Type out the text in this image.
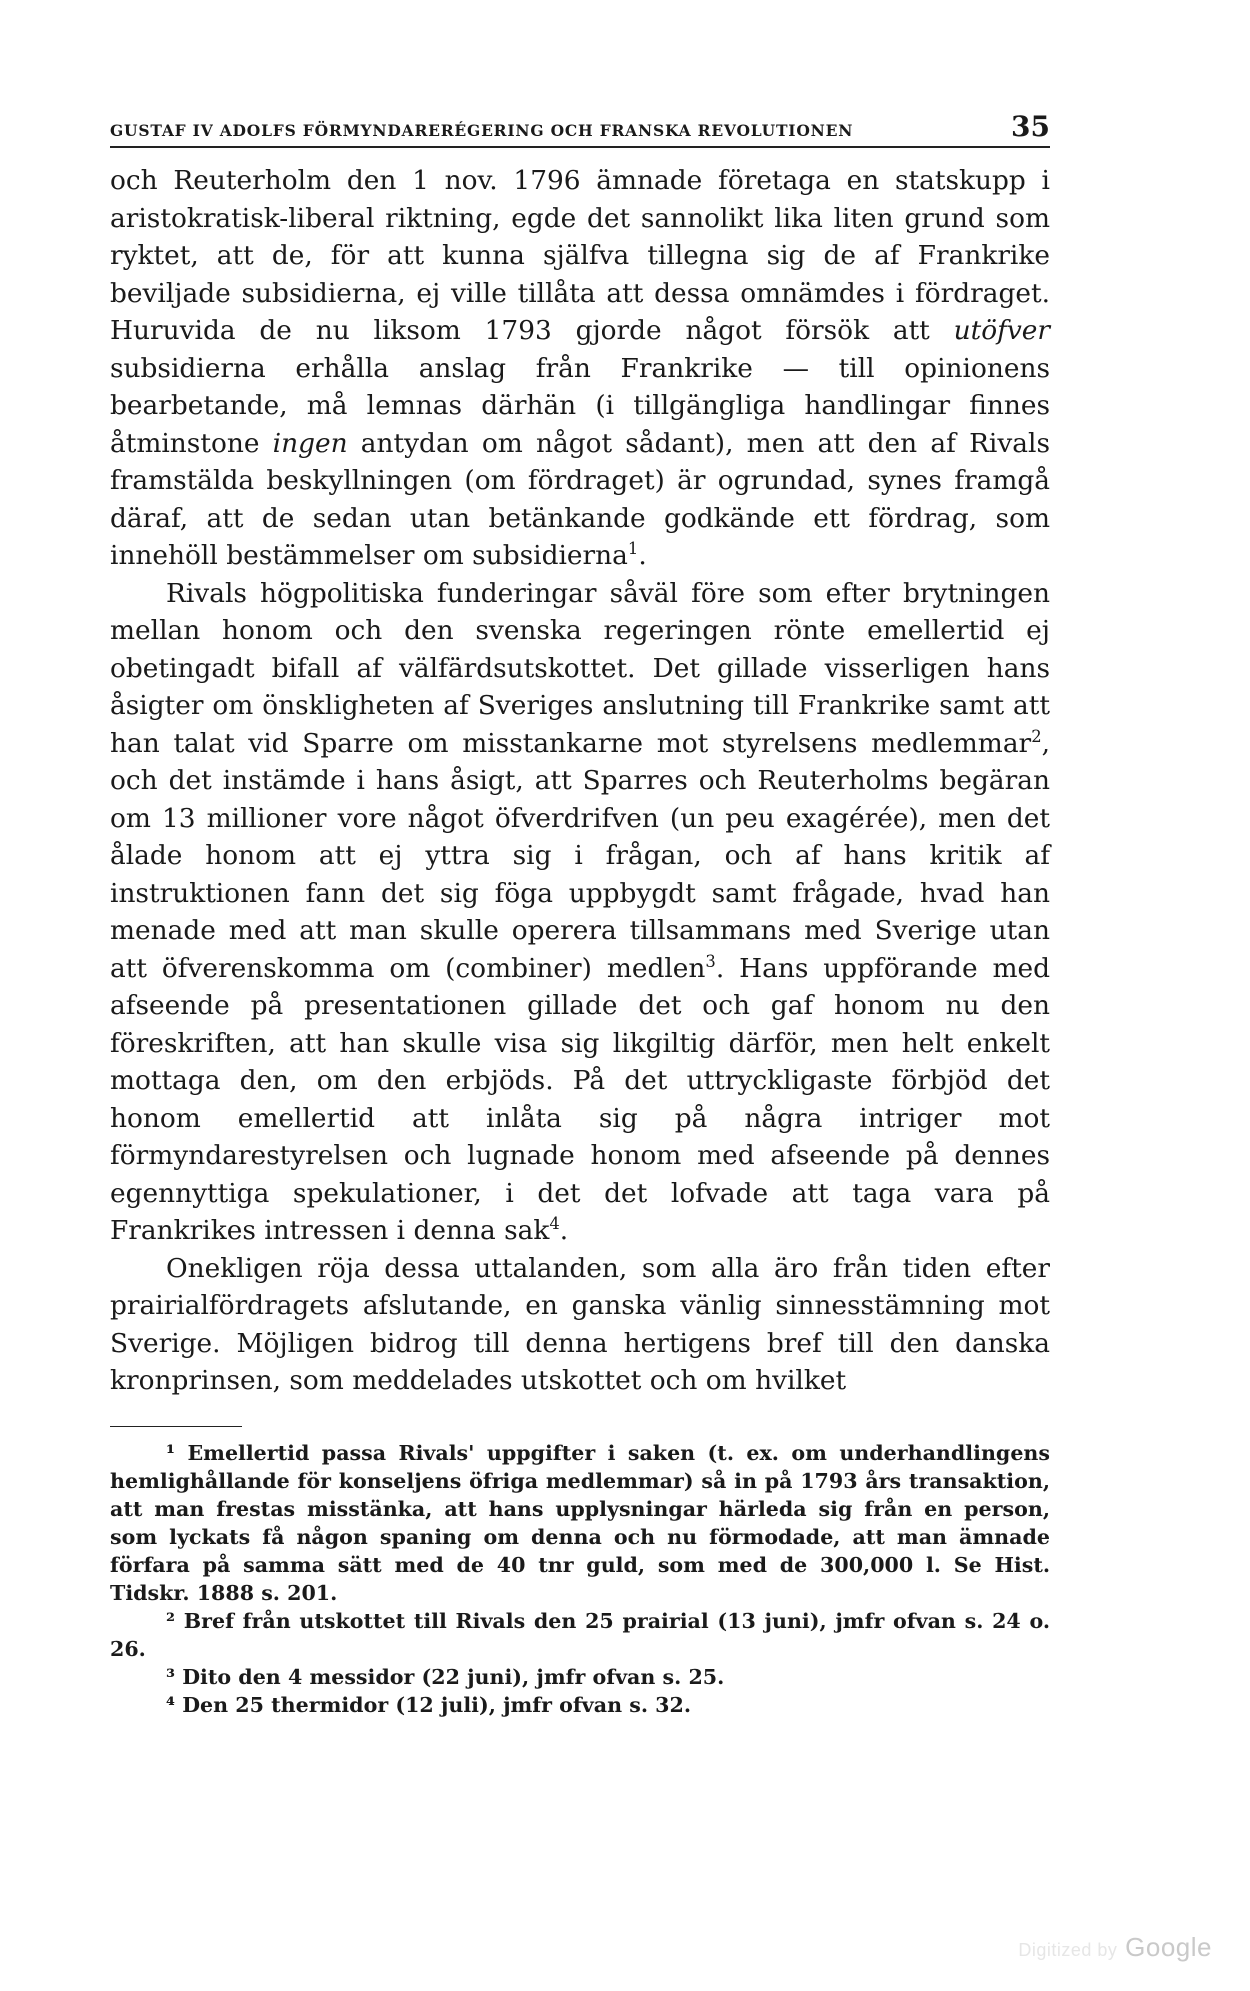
GUSTAF IV ADOLFS FÖRMYNDARERÉGERING OCH FRANSKA REVOLUTIONEN	35

och Reuterholm den 1 nov. 1796 ämnade företaga en statskupp i aristokratisk-liberal riktning, egde det sannolikt lika liten grund som ryktet, att de, för att kunna själfva tillegna sig de af Frankrike beviljade subsidierna, ej ville tillåta att dessa omnämdes i fördraget. Huruvida de nu liksom 1793 gjorde något försök att utöfver subsidierna erhålla anslag från Frankrike — till opinionens bearbetande, må lemnas därhän (i tillgängliga handlingar finnes åtminstone ingen antydan om något sådant), men att den af Rivals framstälda beskyllningen (om fördraget) är ogrundad, synes framgå däraf, att de sedan utan betänkande godkände ett fördrag, som innehöll bestämmelser om subsidierna$^1$.

Rivals högpolitiska funderingar såväl före som efter brytningen mellan honom och den svenska regeringen rönte emellertid ej obetingadt bifall af välfärdsutskottet. Det gillade visserligen hans åsigter om önskligheten af Sveriges anslutning till Frankrike samt att han talat vid Sparre om misstankarne mot styrelsens medlemmar$^2$, och det instämde i hans åsigt, att Sparres och Reuterholms begäran om 13 millioner vore något öfverdrifven (un peu exagérée), men det ålade honom att ej yttra sig i frågan, och af hans kritik af instruktionen fann det sig föga uppbygdt samt frågade, hvad han menade med att man skulle operera tillsammans med Sverige utan att öfverenskomma om (combiner) medlen$^3$. Hans uppförande med afseende på presentationen gillade det och gaf honom nu den föreskriften, att han skulle visa sig likgiltig därför, men helt enkelt mottaga den, om den erbjöds. På det uttryckligaste förbjöd det honom emellertid att inlåta sig på några intriger mot förmyndarestyrelsen och lugnade honom med afseende på dennes egennyttiga spekulationer, i det det lofvade att taga vara på Frankrikes intressen i denna sak$^4$.

Onekligen röja dessa uttalanden, som alla äro från tiden efter prairialfördragets afslutande, en ganska vänlig sinnesstämning mot Sverige. Möjligen bidrog till denna hertigens bref till den danska kronprinsen, som meddelades utskottet och om hvilket

¹ Emellertid passa Rivals' uppgifter i saken (t. ex. om underhandlingens hemlighållande för konseljens öfriga medlemmar) så in på 1793 års transaktion, att man frestas misstänka, att hans upplysningar härleda sig från en person, som lyckats få någon spaning om denna och nu förmodade, att man ämnade förfara på samma sätt med de 40 tnr guld, som med de 300,000 l. Se Hist. Tidskr. 1888 s. 201.

² Bref från utskottet till Rivals den 25 prairial (13 juni), jmfr ofvan s. 24 o. 26.

³ Dito den 4 messidor (22 juni), jmfr ofvan s. 25.

⁴ Den 25 thermidor (12 juli), jmfr ofvan s. 32.

Digitized by Google
